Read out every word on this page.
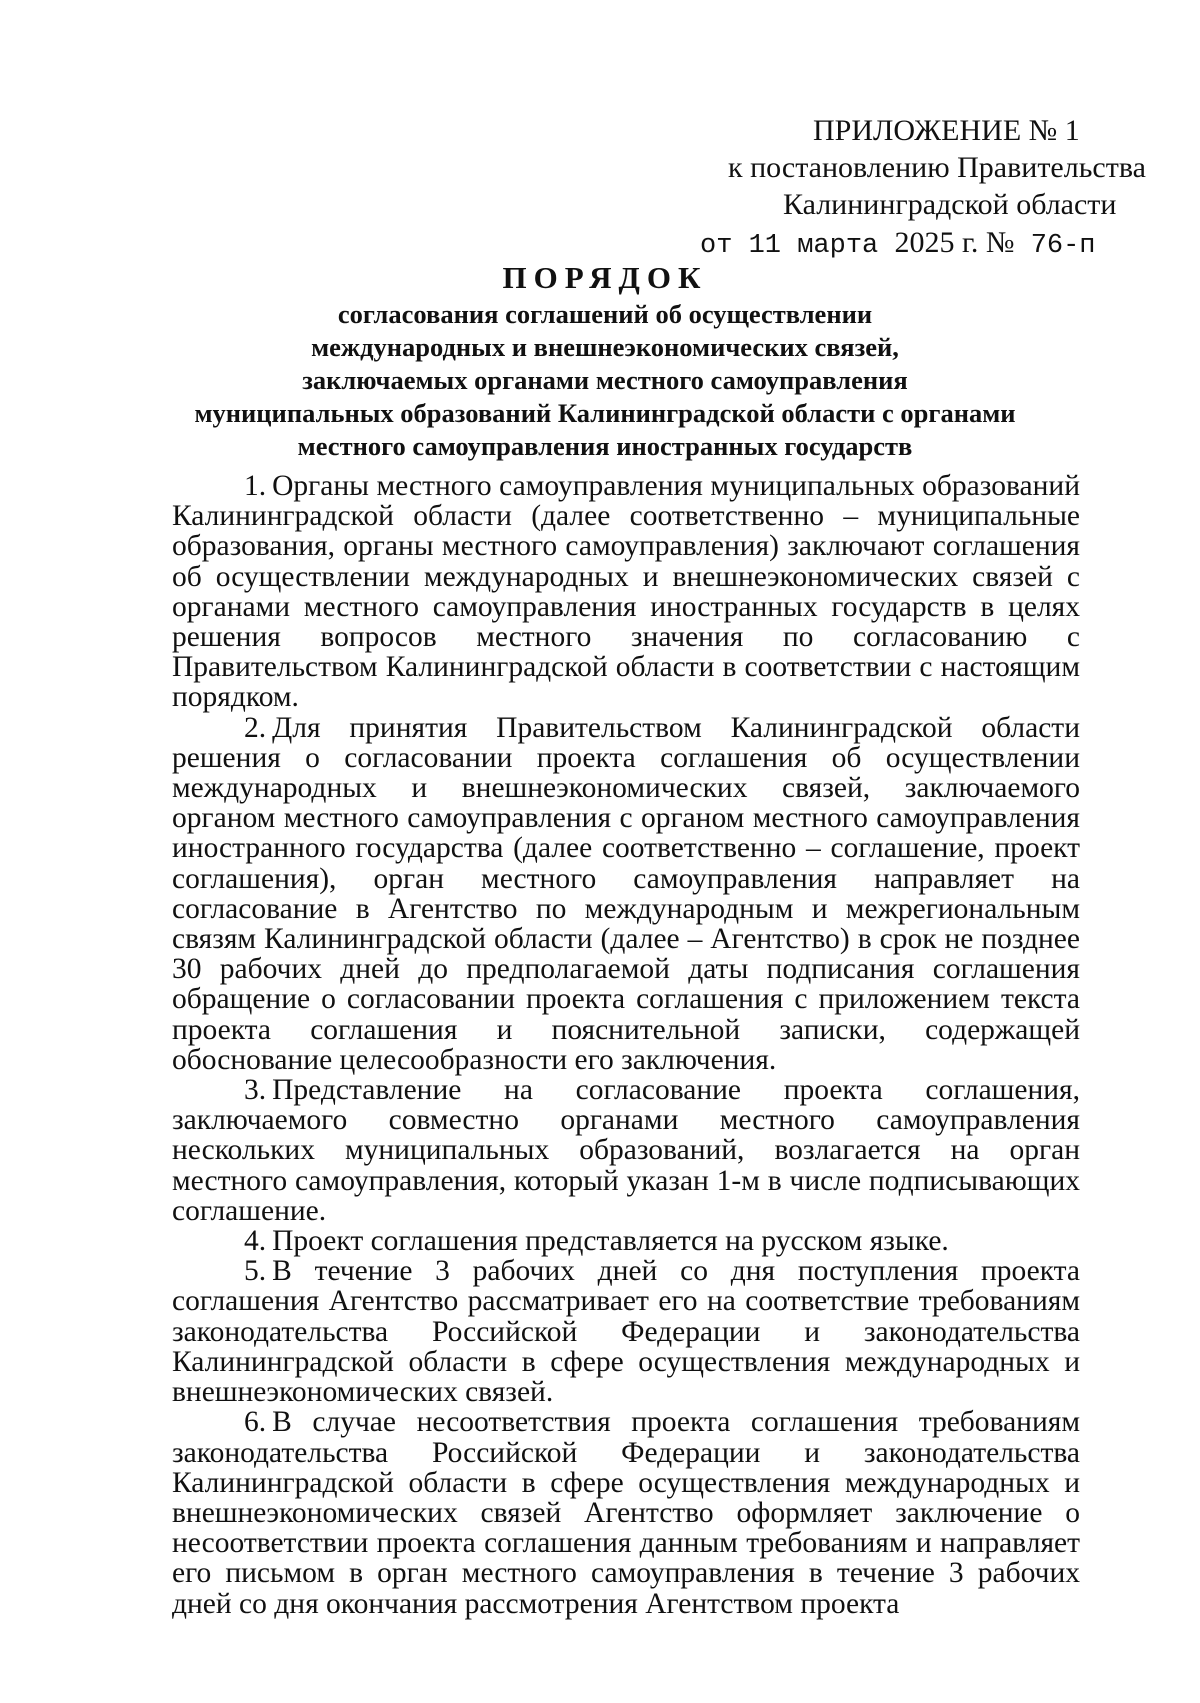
ПРИЛОЖЕНИЕ № 1
к постановлению Правительства
Калининградской области
от 11 марта 2025 г. № 76-п
ПОРЯДОК
согласования соглашений об осуществлении
международных и внешнеэкономических связей,
заключаемых органами местного самоуправления
муниципальных образований Калининградской области с органами
местного самоуправления иностранных государств

1. Органы местного самоуправления муниципальных образований Калининградской области (далее соответственно – муниципальные образования, органы местного самоуправления) заключают соглашения об осуществлении международных и внешнеэкономических связей с органами местного самоуправления иностранных государств в целях решения вопросов местного значения по согласованию с Правительством Калининградской области в соответствии с настоящим порядком.

2. Для принятия Правительством Калининградской области решения о согласовании проекта соглашения об осуществлении международных и внешнеэкономических связей, заключаемого органом местного самоуправления с органом местного самоуправления иностранного государства (далее соответственно – соглашение, проект соглашения), орган местного самоуправления направляет на согласование в Агентство по международным и межрегиональным связям Калининградской области (далее – Агентство) в срок не позднее 30 рабочих дней до предполагаемой даты подписания соглашения обращение о согласовании проекта соглашения с приложением текста проекта соглашения и пояснительной записки, содержащей обоснование целесообразности его заключения.

3. Представление на согласование проекта соглашения, заключаемого совместно органами местного самоуправления нескольких муниципальных образований, возлагается на орган местного самоуправления, который указан 1-м в числе подписывающих соглашение.

4. Проект соглашения представляется на русском языке.

5. В течение 3 рабочих дней со дня поступления проекта соглашения Агентство рассматривает его на соответствие требованиям законодательства Российской Федерации и законодательства Калининградской области в сфере осуществления международных и внешнеэкономических связей.

6. В случае несоответствия проекта соглашения требованиям законодательства Российской Федерации и законодательства Калининградской области в сфере осуществления международных и внешнеэкономических связей Агентство оформляет заключение о несоответствии проекта соглашения данным требованиям и направляет его письмом в орган местного самоуправления в течение 3 рабочих дней со дня окончания рассмотрения Агентством проекта
